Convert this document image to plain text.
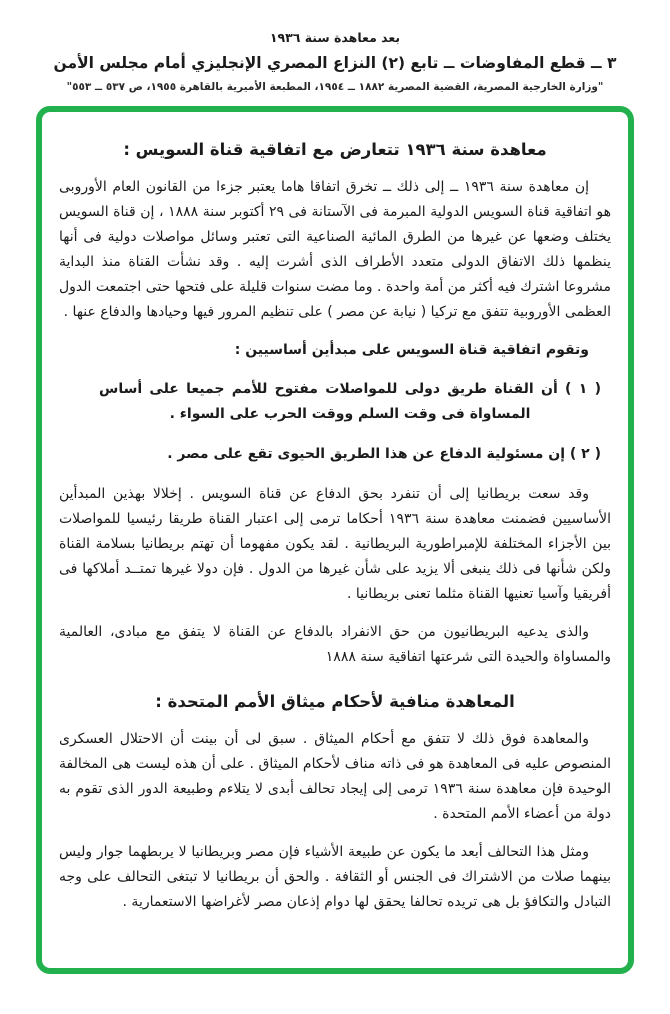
بعد معاهدة سنة ١٩٣٦
٣ ــ قطع المفاوضات ــ تابع (٢) النزاع المصري الإنجليزي أمام مجلس الأمن
"وزارة الخارجية المصرية، القضية المصرية ١٨٨٢ ــ ١٩٥٤، المطبعة الأميرية بالقاهرة ١٩٥٥، ص ٥٣٧ ــ ٥٥٣"
معاهدة سنة ١٩٣٦ تتعارض مع اتفاقية قناة السويس :

إن معاهدة سنة ١٩٣٦ ــ إلى ذلك ــ تخرق اتفاقا هاما يعتبر جزءا من القانون العام الأوروبى هو اتفاقية قناة السويس الدولية المبرمة فى الآستانة فى ٢٩ أكتوبر سنة ١٨٨٨ ، إن قناة السويس يختلف وضعها عن غيرها من الطرق المائية الصناعية التى تعتبر وسائل مواصلات دولية فى أنها ينظمها ذلك الاتفاق الدولى متعدد الأطراف الذى أشرت إليه . وقد نشأت القناة منذ البداية مشروعا اشترك فيه أكثر من أمة واحدة . وما مضت سنوات قليلة على فتحها حتى اجتمعت الدول العظمى الأوروبية تتفق مع تركيا ( نيابة عن مصر ) على تنظيم المرور فيها وحيادها والدفاع عنها .

وتقوم اتفاقية قناة السويس على مبدأين أساسيين :

( ١ ) أن القناة طريق دولى للمواصلات مفتوح للأمم جميعا على أساس المساواة فى وقت السلم ووقت الحرب على السواء .

( ٢ ) إن مسئولية الدفاع عن هذا الطريق الحيوى تقع على مصر .

وقد سعت بريطانيا إلى أن تنفرد بحق الدفاع عن قناة السويس . إخلالا بهذين المبدأين الأساسيين فضمنت معاهدة سنة ١٩٣٦ أحكاما ترمى إلى اعتبار القناة طريقا رئيسيا للمواصلات بين الأجزاء المختلفة للإمبراطورية البريطانية . لقد يكون مفهوما أن تهتم بريطانيا بسلامة القناة ولكن شأنها فى ذلك ينبغى ألا يزيد على شأن غيرها من الدول . فإن دولا غيرها تمتــد أملاكها فى أفريقيا وآسيا تعنيها القناة مثلما تعنى بريطانيا .

والذى يدعيه البريطانيون من حق الانفراد بالدفاع عن القناة لا يتفق مع مبادى، العالمية والمساواة والحيدة التى شرعتها اتفاقية سنة ١٨٨٨

المعاهدة منافية لأحكام ميثاق الأمم المتحدة :

والمعاهدة فوق ذلك لا تتفق مع أحكام الميثاق . سبق لى أن بينت أن الاحتلال العسكرى المنصوص عليه فى المعاهدة هو فى ذاته مناف لأحكام الميثاق . على أن هذه ليست هى المخالفة الوحيدة فإن معاهدة سنة ١٩٣٦ ترمى إلى إيجاد تحالف أبدى لا يتلاءم وطبيعة الدور الذى تقوم به دولة من أعضاء الأمم المتحدة .

ومثل هذا التحالف أبعد ما يكون عن طبيعة الأشياء فإن مصر وبريطانيا لا يربطهما جوار وليس بينهما صلات من الاشتراك فى الجنس أو الثقافة . والحق أن بريطانيا لا تبتغى التحالف على وجه التبادل والتكافؤ بل هى تريده تحالفا يحقق لها دوام إذعان مصر لأغراضها الاستعمارية .
